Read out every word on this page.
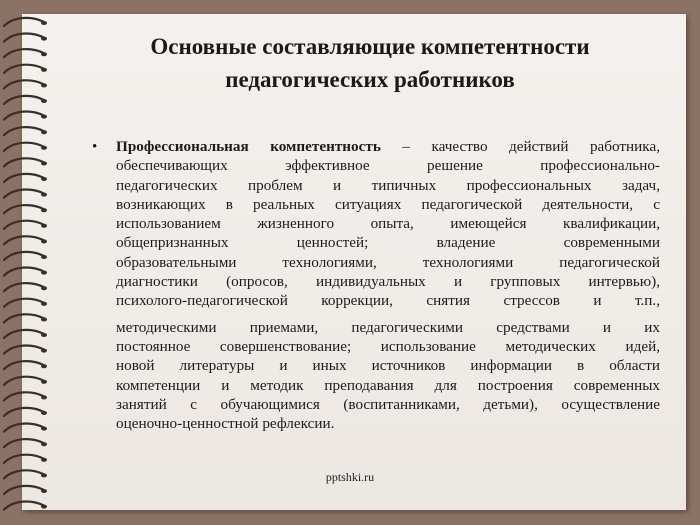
Основные составляющие компетентности
педагогических работников
• Профессиональная компетентность – качество действий работника,
обеспечивающих эффективное решение профессионально-
педагогических проблем и типичных профессиональных задач,
возникающих в реальных ситуациях педагогической деятельности, с
использованием жизненного опыта, имеющейся квалификации,
общепризнанных ценностей; владение современными
образовательными технологиями, технологиями педагогической
диагностики (опросов, индивидуальных и групповых интервью),
психолого-педагогической коррекции, снятия стрессов и т.п.,
методическими приемами, педагогическими средствами и их
постоянное совершенствование; использование методических идей,
новой литературы и иных источников информации в области
компетенции и методик преподавания для построения современных
занятий с обучающимися (воспитанниками, детьми), осуществление
оценочно-ценностной рефлексии.
pptshki.ru
